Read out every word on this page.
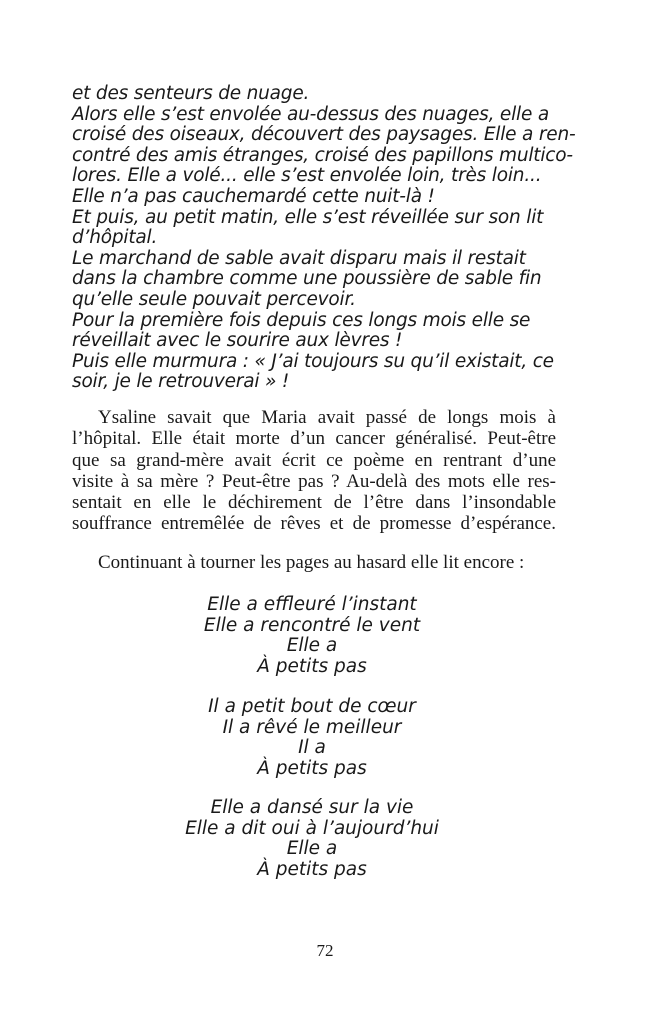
et des senteurs de nuage.
Alors elle s’est envolée au-dessus des nuages, elle a
croisé des oiseaux, découvert des paysages. Elle a ren-
contré des amis étranges, croisé des papillons multico-
lores. Elle a volé... elle s’est envolée loin, très loin...
Elle n’a pas cauchemardé cette nuit-là !
Et puis, au petit matin, elle s’est réveillée sur son lit
d’hôpital.
Le marchand de sable avait disparu mais il restait
dans la chambre comme une poussière de sable fin
qu’elle seule pouvait percevoir.
Pour la première fois depuis ces longs mois elle se
réveillait avec le sourire aux lèvres !
Puis elle murmura : « J’ai toujours su qu’il existait, ce
soir, je le retrouverai » !
Ysaline savait que Maria avait passé de longs mois à
l’hôpital. Elle était morte d’un cancer généralisé. Peut-être
que sa grand-mère avait écrit ce poème en rentrant d’une
visite à sa mère ? Peut-être pas ? Au-delà des mots elle res-
sentait en elle le déchirement de l’être dans l’insondable
souffrance entremêlée de rêves et de promesse d’espérance.
Continuant à tourner les pages au hasard elle lit encore :
Elle a effleuré l’instant
Elle a rencontré le vent
Elle a
À petits pas
Il a petit bout de cœur
Il a rêvé le meilleur
Il a
À petits pas
Elle a dansé sur la vie
Elle a dit oui à l’aujourd’hui
Elle a
À petits pas
72
